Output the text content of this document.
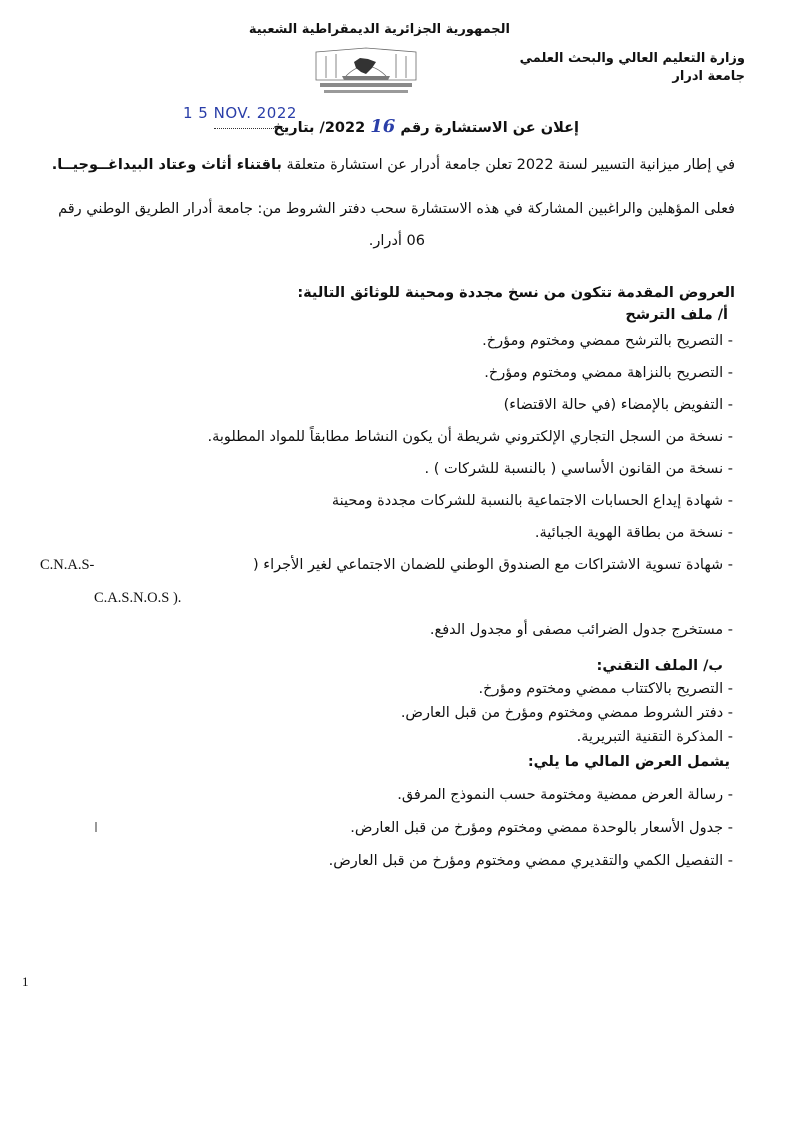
الجمهورية الجزائرية الديمقراطية الشعبية
وزارة التعليم العالي والبحث العلمي
جامعة ادرار
1 5 NOV. 2022
إعلان عن الاستشارة رقم 16 2022/ بتاريخ
في إطار ميزانية التسيير لسنة 2022 تعلن جامعة أدرار عن استشارة متعلقة باقتناء أثاث وعتاد البيداغــوجيــا.
فعلى المؤهلين والراغبين المشاركة في هذه الاستشارة سحب دفتر الشروط من: جامعة أدرار الطريق الوطني رقم
06 أدرار.
العروض المقدمة تتكون من نسخ مجددة ومحينة للوثائق التالية:
أ/ ملف الترشح
- التصريح بالترشح ممضي ومختوم ومؤرخ.
- التصريح بالنزاهة ممضي ومختوم ومؤرخ.
- التفويض بالإمضاء (في حالة الاقتضاء)
- نسخة من السجل التجاري الإلكتروني شريطة أن يكون النشاط مطابقاً للمواد المطلوبة.
- نسخة من القانون الأساسي ( بالنسبة للشركات ) .
- شهادة إيداع الحسابات الاجتماعية بالنسبة للشركات مجددة ومحينة
- نسخة من بطاقة الهوية الجبائية.
- شهادة تسوية الاشتراكات مع الصندوق الوطني للضمان الاجتماعي لغير الأجراء (
C.N.A.S-
C.A.S.N.O.S ).
- مستخرج جدول الضرائب مصفى أو مجدول الدفع.
ب/ الملف التقني:
- التصريح بالاكتتاب ممضي ومختوم ومؤرخ.
- دفتر الشروط ممضي ومختوم ومؤرخ من قبل العارض.
- المذكرة التقنية التبريرية.
يشمل العرض المالي ما يلي:
- رسالة العرض ممضية ومختومة حسب النموذج المرفق.
- جدول الأسعار بالوحدة ممضي ومختوم ومؤرخ من قبل العارض.
- التفصيل الكمي والتقديري ممضي ومختوم ومؤرخ من قبل العارض.
1
